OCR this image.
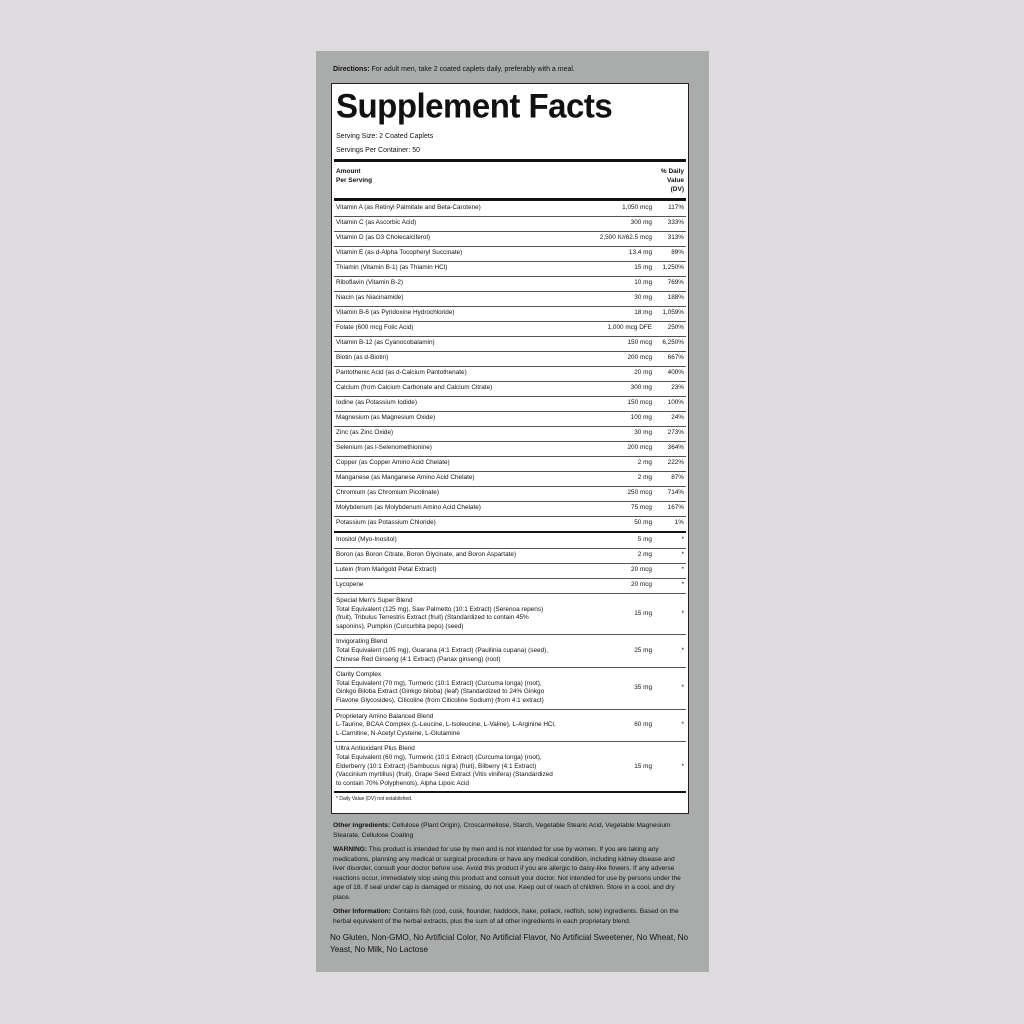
Directions: For adult men, take 2 coated caplets daily, preferably with a meal.
Supplement Facts
Serving Size: 2 Coated Caplets
Servings Per Container: 50
Amount
Per Serving
% Daily
Value
(DV)
Vitamin A (as Retinyl Palmitate and Beta-Carotene)	1,050 mcg	117%
Vitamin C (as Ascorbic Acid)	300 mg	333%
Vitamin D (as D3 Cholecalciferol)	2,500 IU/62.5 mcg	313%
Vitamin E (as d-Alpha Tocopheryl Succinate)	13.4 mg	89%
Thiamin (Vitamin B-1) (as Thiamin HCl)	15 mg	1,250%
Riboflavin (Vitamin B-2)	10 mg	769%
Niacin (as Niacinamide)	30 mg	188%
Vitamin B-6 (as Pyridoxine Hydrochloride)	18 mg	1,059%
Folate (600 mcg Folic Acid)	1,000 mcg DFE	250%
Vitamin B-12 (as Cyanocobalamin)	150 mcg	6,250%
Biotin (as d-Biotin)	200 mcg	667%
Pantothenic Acid (as d-Calcium Pantothenate)	20 mg	400%
Calcium (from Calcium Carbonate and Calcium Citrate)	300 mg	23%
Iodine (as Potassium Iodide)	150 mcg	100%
Magnesium (as Magnesium Oxide)	100 mg	24%
Zinc (as Zinc Oxide)	30 mg	273%
Selenium (as l-Selenomethionine)	200 mcg	364%
Copper (as Copper Amino Acid Chelate)	2 mg	222%
Manganese (as Manganese Amino Acid Chelate)	2 mg	87%
Chromium (as Chromium Picolinate)	250 mcg	714%
Molybdenum (as Molybdenum Amino Acid Chelate)	75 mcg	167%
Potassium (as Potassium Chloride)	50 mg	1%
Inositol (Myo-Inositol)	5 mg	*
Boron (as Boron Citrate, Boron Glycinate, and Boron Aspartate)	2 mg	*
Lutein (from Marigold Petal Extract)	20 mcg	*
Lycopene	20 mcg	*
Special Men's Super Blend
Total Equivalent (125 mg), Saw Palmetto (10:1 Extract) (Serenoa repens) (fruit), Tribulus Terrestris Extract (fruit) (Standardized to contain 45% saponins), Pumpkin (Curcurbita pepo) (seed)	15 mg	*

Invigorating Blend
Total Equivalent (105 mg), Guarana (4:1 Extract) (Paullinia cupana) (seed), Chinese Red Ginseng (4:1 Extract) (Panax ginseng) (root)	25 mg	*

Clarity Complex
Total Equivalent (70 mg), Turmeric (10:1 Extract) (Curcuma longa) (root), Ginkgo Biloba Extract (Ginkgo biloba) (leaf) (Standardized to 24% Ginkgo Flavone Glycosides), Citicoline (from Citicoline Sodium) (from 4:1 extract)	35 mg	*

Proprietary Amino Balanced Blend
L-Taurine, BCAA Complex (L-Leucine, L-Isoleucine, L-Valine), L-Arginine HCl, L-Carnitine, N-Acetyl Cysteine, L-Glutamine	60 mg	*

Ultra Antioxidant Plus Blend
Total Equivalent (60 mg), Turmeric (10:1 Extract) (Curcuma longa) (root), Elderberry (10:1 Extract) (Sambucus nigra) (fruit), Bilberry (4:1 Extract) (Vaccinium myrtillus) (fruit), Grape Seed Extract (Vitis vinifera) (Standardized to contain 70% Polyphenols), Alpha Lipoic Acid	15 mg	*
* Daily Value (DV) not established.
Other ingredients: Cellulose (Plant Origin), Croscarmellose, Starch, Vegetable Stearic Acid, Vegetable Magnesium Stearate, Cellulose Coating
WARNING: This product is intended for use by men and is not intended for use by women. If you are taking any medications, planning any medical or surgical procedure or have any medical condition, including kidney disease and liver disorder, consult your doctor before use. Avoid this product if you are allergic to daisy-like flowers. If any adverse reactions occur, immediately stop using this product and consult your doctor. Not intended for use by persons under the age of 18. If seal under cap is damaged or missing, do not use. Keep out of reach of children. Store in a cool, and dry place.
Other Information: Contains fish (cod, cusk, flounder, haddock, hake, pollack, redfish, sole) ingredients. Based on the herbal equivalent of the herbal extracts, plus the sum of all other ingredients in each proprietary blend.
No Gluten, Non-GMO, No Artificial Color, No Artificial Flavor, No Artificial Sweetener, No Wheat, No Yeast, No Milk, No Lactose
